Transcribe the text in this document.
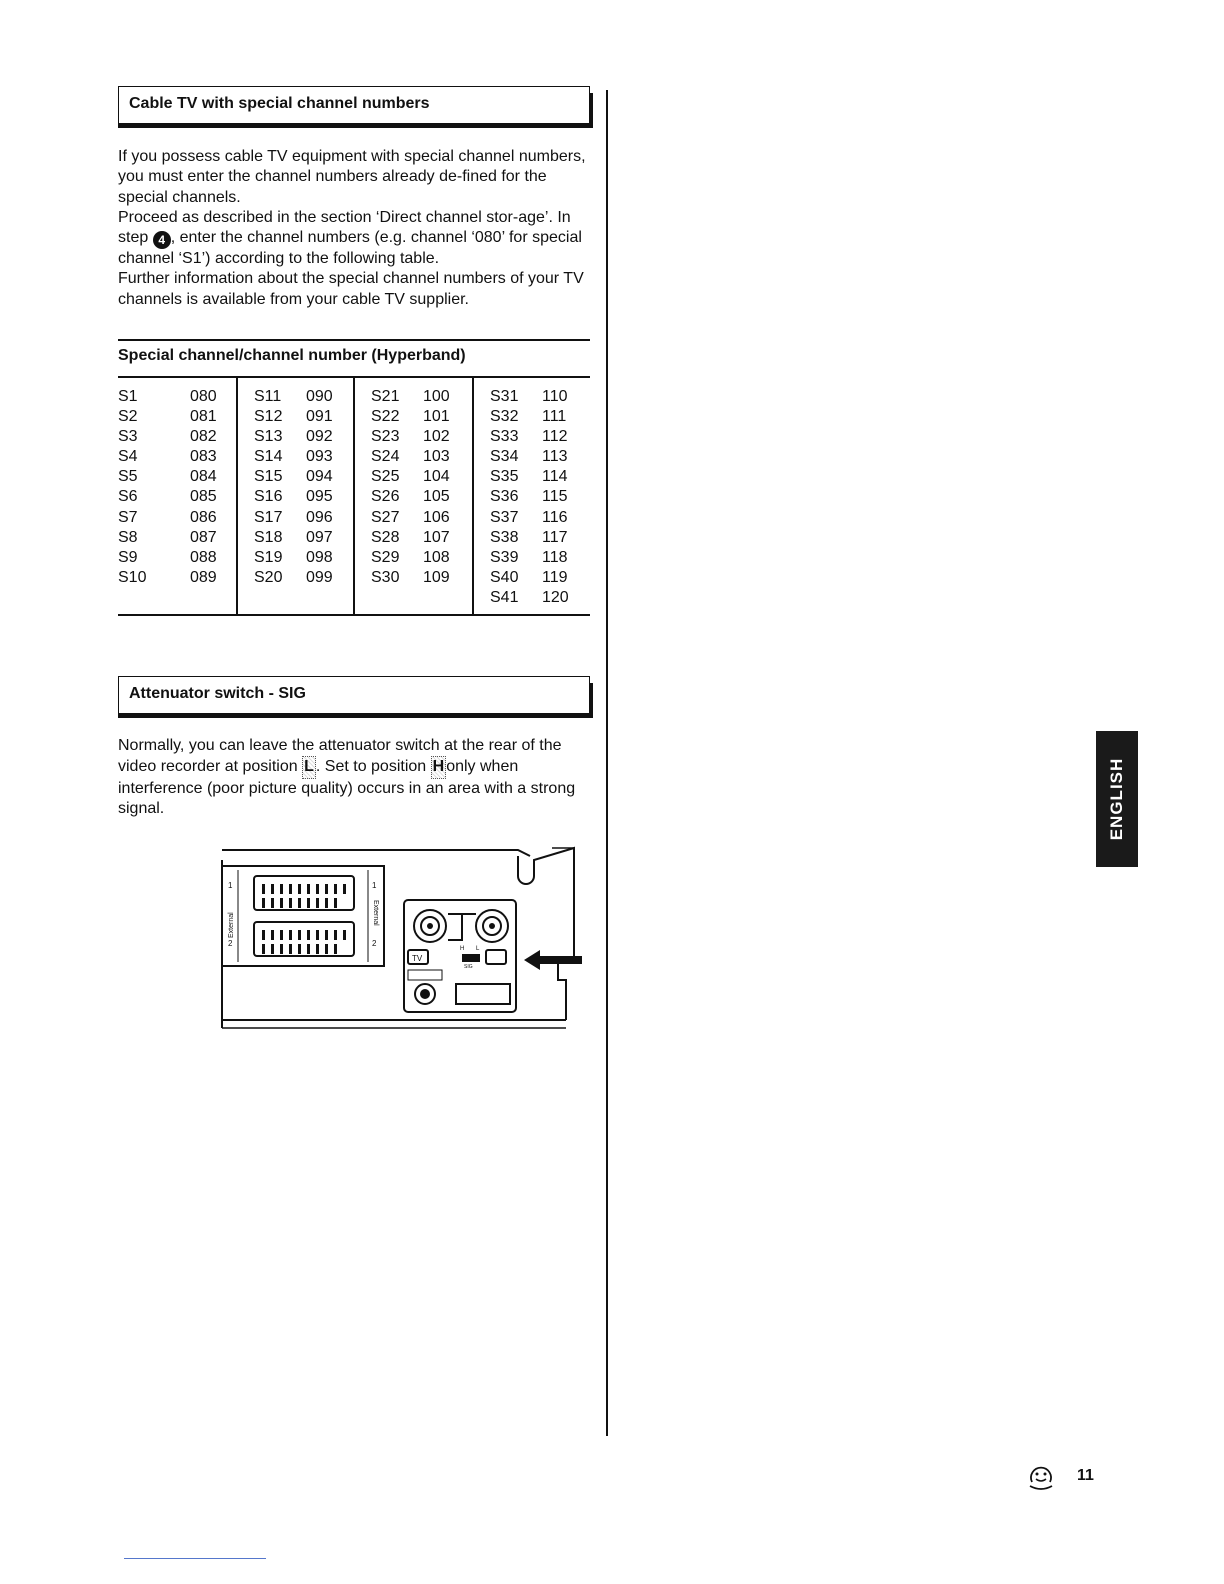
Cable TV with special channel numbers

If you possess cable TV equipment with special channel numbers, you must enter the channel numbers already de-fined for the special channels.

Proceed as described in the section ‘Direct channel stor-age’. In step 4 , enter the channel numbers (e.g. channel ‘080’ for special channel ‘S1’) according to the following table.

Further information about the special channel numbers of your TV channels is available from your cable TV supplier.

Special channel/channel number (Hyperband)
S1	080
S2	081
S3	082
S4	083
S5	084
S6	085
S7	086
S8	087
S9	088
S10	089
S11	090
S12	091
S13	092
S14	093
S15	094
S16	095
S17	096
S18	097
S19	098
S20	099
S21	100
S22	101
S23	102
S24	103
S25	104
S26	105
S27	106
S28	107
S29	108
S30	109
S31	110
S32	111
S33	112
S34	113
S35	114
S36	115
S37	116
S38	117
S39	118
S40	119
S41	120
Attenuator switch - SIG

Normally, you can leave the attenuator switch at the rear of the video recorder at position L . Set to position H only when interference (poor picture quality) occurs in an area with a strong signal.

1
2
1
2
External	External
TV
H L
SIG
ENGLISH
11
